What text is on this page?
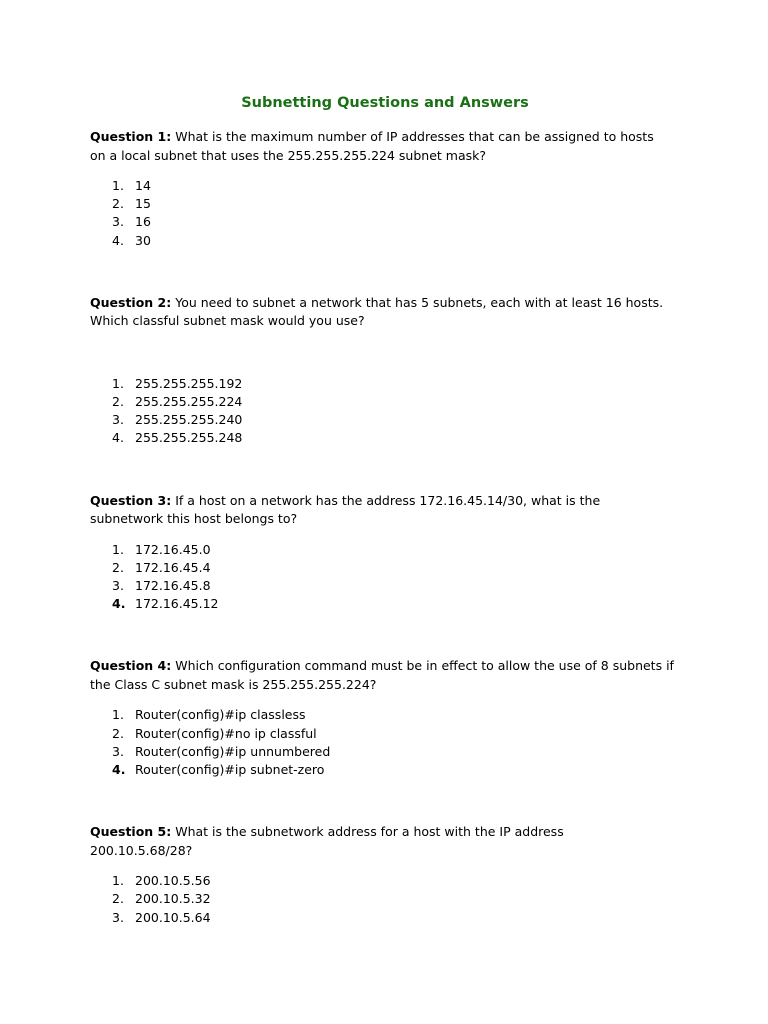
Subnetting Questions and Answers

Question 1: What is the maximum number of IP addresses that can be assigned to hosts on a local subnet that uses the 255.255.255.224 subnet mask?

1. 14
2. 15
3. 16
4. 30

Question 2: You need to subnet a network that has 5 subnets, each with at least 16 hosts. Which classful subnet mask would you use?

1. 255.255.255.192
2. 255.255.255.224
3. 255.255.255.240
4. 255.255.255.248

Question 3: If a host on a network has the address 172.16.45.14/30, what is the subnetwork this host belongs to?

1. 172.16.45.0
2. 172.16.45.4
3. 172.16.45.8
4. 172.16.45.12

Question 4: Which configuration command must be in effect to allow the use of 8 subnets if the Class C subnet mask is 255.255.255.224?

1. Router(config)#ip classless
2. Router(config)#no ip classful
3. Router(config)#ip unnumbered
4. Router(config)#ip subnet-zero

Question 5: What is the subnetwork address for a host with the IP address 200.10.5.68/28?

1. 200.10.5.56
2. 200.10.5.32
3. 200.10.5.64
